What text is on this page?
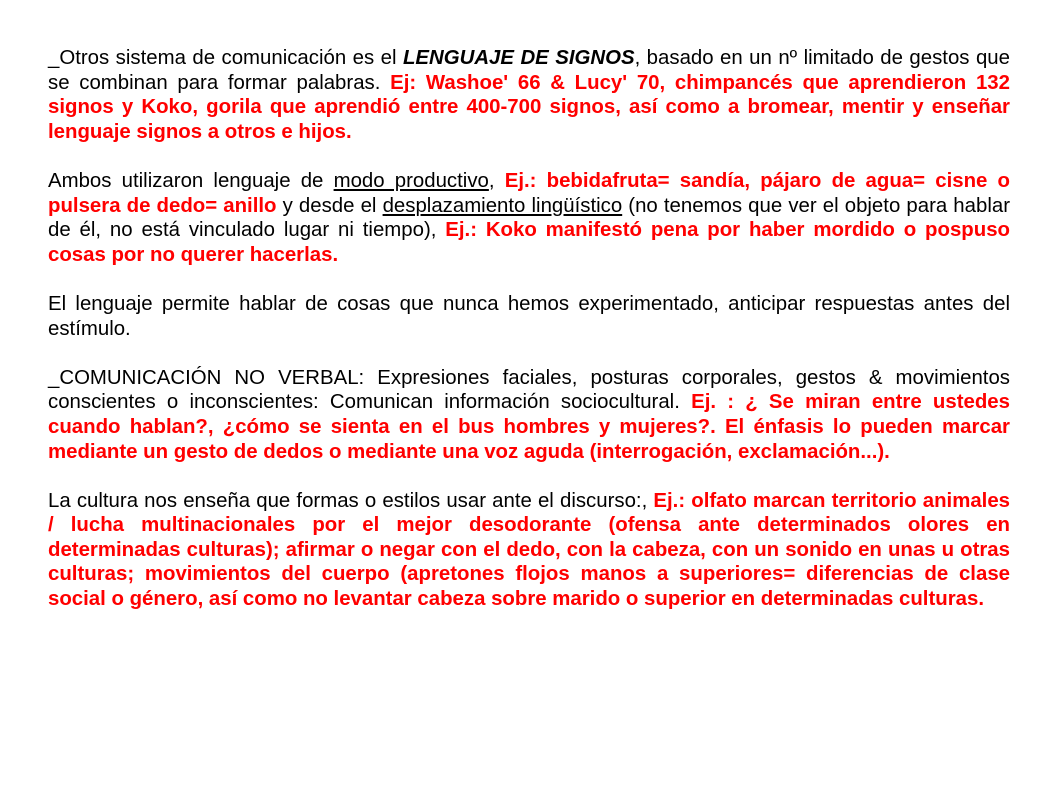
_Otros sistema de comunicación es el LENGUAJE DE SIGNOS, basado en un nº limitado de gestos que se combinan para formar palabras. Ej: Washoe' 66 & Lucy' 70, chimpancés que aprendieron 132 signos y Koko, gorila que aprendió entre 400-700 signos, así como a bromear, mentir y enseñar lenguaje signos a otros e hijos.

Ambos utilizaron lenguaje de modo productivo, Ej.: bebidafruta= sandía, pájaro de agua= cisne o pulsera de dedo= anillo y desde el desplazamiento lingüístico (no tenemos que ver el objeto para hablar de él, no está vinculado lugar ni tiempo), Ej.: Koko manifestó pena por haber mordido o pospuso cosas por no querer hacerlas.

El lenguaje permite hablar de cosas que nunca hemos experimentado, anticipar respuestas antes del estímulo.

_COMUNICACIÓN NO VERBAL: Expresiones faciales, posturas corporales, gestos & movimientos conscientes o inconscientes: Comunican información sociocultural. Ej. : ¿ Se miran entre ustedes cuando hablan?, ¿cómo se sienta en el bus hombres y mujeres?. El énfasis lo pueden marcar mediante un gesto de dedos o mediante una voz aguda (interrogación, exclamación...).

La cultura nos enseña que formas o estilos usar ante el discurso:, Ej.: olfato marcan territorio animales / lucha multinacionales por el mejor desodorante (ofensa ante determinados olores en determinadas culturas); afirmar o negar con el dedo, con la cabeza, con un sonido en unas u otras culturas; movimientos del cuerpo (apretones flojos manos a superiores= diferencias de clase social o género, así como no levantar cabeza sobre marido o superior en determinadas culturas.
